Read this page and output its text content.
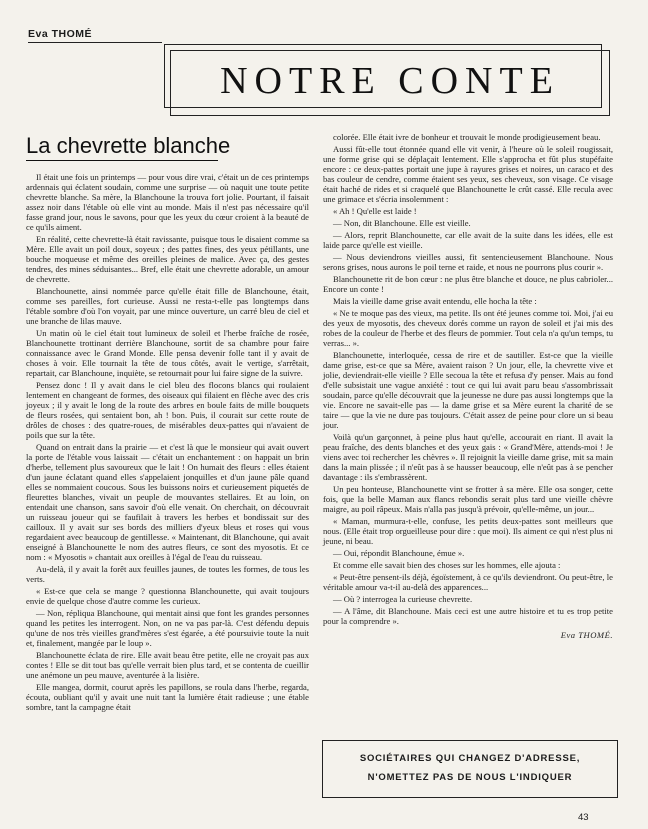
Eva THOMÉ
NOTRE CONTE
La chevrette blanche

Il était une fois un printemps — pour vous dire vrai, c'était un de ces printemps ardennais qui éclatent soudain, comme une surprise — où naquit une toute petite chevrette blanche. Sa mère, la Blanchoune la trouva fort jolie. Pourtant, il faisait assez noir dans l'étable où elle vint au monde. Mais il n'est pas nécessaire qu'il fasse grand jour, nous le savons, pour que les yeux du cœur croient à la beauté de ce qu'ils aiment.

En réalité, cette chevrette-là était ravissante, puisque tous le disaient comme sa Mère. Elle avait un poil doux, soyeux ; des pattes fines, des yeux pétillants, une bouche moqueuse et même des oreilles pleines de malice. Avec ça, des gestes tendres, des mines séduisantes... Bref, elle était une chevrette adorable, un amour de chevrette.

Blanchounette, ainsi nommée parce qu'elle était fille de Blanchoune, était, comme ses pareilles, fort curieuse. Aussi ne resta-t-elle pas longtemps dans l'étable sombre d'où l'on voyait, par une mince ouverture, un carré bleu de ciel et une branche de lilas mauve.

Un matin où le ciel était tout lumineux de soleil et l'herbe fraîche de rosée, Blanchounette trottinant derrière Blanchoune, sortit de sa chambre pour faire connaissance avec le Grand Monde. Elle pensa devenir folle tant il y avait de choses à voir. Elle tournait la tête de tous côtés, avait le vertige, s'arrêtait, repartait, car Blanchoune, inquiète, se retournait pour lui faire signe de la suivre.

Pensez donc ! Il y avait dans le ciel bleu des flocons blancs qui roulaient lentement en changeant de formes, des oiseaux qui filaient en flèche avec des cris joyeux ; il y avait le long de la route des arbres en boule faits de mille bouquets de fleurs rosées, qui sentaient bon, ah ! bon. Puis, il courait sur cette route de drôles de choses : des quatre-roues, de misérables deux-pattes qui n'avaient de poils que sur la tête.

Quand on entrait dans la prairie — et c'est là que le monsieur qui avait ouvert la porte de l'étable vous laissait — c'était un enchantement : on happait un brin d'herbe, tellement plus savoureux que le lait ! On humait des fleurs : elles étaient d'un jaune éclatant quand elles s'appelaient jonquilles et d'un jaune pâle quand elles se nommaient coucous. Sous les buissons noirs et curieusement piquetés de fleurettes blanches, vivait un peuple de mouvantes stellaires. Et au loin, on entendait une chanson, sans savoir d'où elle venait. On cherchait, on découvrait un ruisseau joueur qui se faufilait à travers les herbes et bondissait sur des cailloux. Il y avait sur ses bords des milliers d'yeux bleus et roses qui vous regardaient avec beaucoup de gentillesse. « Maintenant, dit Blanchoune, qui avait enseigné à Blanchounette le nom des autres fleurs, ce sont des myosotis. Et ce nom : « Myosotis » chantait aux oreilles à l'égal de l'eau du ruisseau.

Au-delà, il y avait la forêt aux feuilles jaunes, de toutes les formes, de tous les verts.

« Est-ce que cela se mange ? questionna Blanchounette, qui avait toujours envie de quelque chose d'autre comme les curieux.

— Non, répliqua Blanchoune, qui mentait ainsi que font les grandes personnes quand les petites les interrogent. Non, on ne va pas par-là. C'est défendu depuis qu'une de nos très vieilles grand'mères s'est égarée, a été poursuivie toute la nuit et, finalement, mangée par le loup ».

Blanchounette éclata de rire. Elle avait beau être petite, elle ne croyait pas aux contes ! Elle se dit tout bas qu'elle verrait bien plus tard, et se contenta de cueillir une anémone un peu mauve, aventurée à la lisière.

Elle mangea, dormit, courut après les papillons, se roula dans l'herbe, regarda, écouta, oubliant qu'il y avait une nuit tant la lumière était radieuse ; une étable sombre, tant la campagne était

colorée. Elle était ivre de bonheur et trouvait le monde prodigieusement beau.

Aussi fût-elle tout étonnée quand elle vit venir, à l'heure où le soleil rougissait, une forme grise qui se déplaçait lentement. Elle s'approcha et fût plus stupéfaite encore : ce deux-pattes portait une jupe à rayures grises et noires, un caraco et des bas couleur de cendre, comme étaient ses yeux, ses cheveux, son visage. Ce visage était haché de rides et si craquelé que Blanchounette le crût cassé. Elle recula avec une grimace et s'écria insolemment :

« Ah ! Qu'elle est laide !

— Non, dit Blanchoune. Elle est vieille.

— Alors, reprit Blanchounette, car elle avait de la suite dans les idées, elle est laide parce qu'elle est vieille.

— Nous deviendrons vieilles aussi, fit sentencieusement Blanchoune. Nous serons grises, nous aurons le poil terne et raide, et nous ne pourrons plus courir ».

Blanchounette rit de bon cœur : ne plus être blanche et douce, ne plus cabrioler... Encore un conte !

Mais la vieille dame grise avait entendu, elle hocha la tête :

« Ne te moque pas des vieux, ma petite. Ils ont été jeunes comme toi. Moi, j'ai eu des yeux de myosotis, des cheveux dorés comme un rayon de soleil et j'ai mis des robes de la couleur de l'herbe et des fleurs de pommier. Tout cela n'a qu'un temps, tu verras... ».

Blanchounette, interloquée, cessa de rire et de sautiller. Est-ce que la vieille dame grise, est-ce que sa Mère, avaient raison ? Un jour, elle, la chevrette vive et jolie, deviendrait-elle vieille ? Elle secoua la tête et refusa d'y penser. Mais au fond d'elle subsistait une vague anxiété : tout ce qui lui avait paru beau s'assombrissait soudain, parce qu'elle découvrait que la jeunesse ne dure pas aussi longtemps que la vie. Encore ne savait-elle pas — la dame grise et sa Mère eurent la charité de se taire — que la vie ne dure pas toujours. C'était assez de peine pour clore un si beau jour.

Voilà qu'un garçonnet, à peine plus haut qu'elle, accourait en riant. Il avait la peau fraîche, des dents blanches et des yeux gais : « Grand'Mère, attends-moi ! Je viens avec toi rechercher les chèvres ». Il rejoignit la vieille dame grise, mit sa main dans la main plissée ; il n'eût pas à se hausser beaucoup, elle n'eût pas à se pencher davantage : ils s'embrassèrent.

Un peu honteuse, Blanchounette vint se frotter à sa mère. Elle osa songer, cette fois, que la belle Maman aux flancs rebondis serait plus tard une vieille chèvre maigre, au poil râpeux. Mais n'alla pas jusqu'à prévoir, qu'elle-même, un jour...

« Maman, murmura-t-elle, confuse, les petits deux-pattes sont meilleurs que nous. (Elle était trop orgueilleuse pour dire : que moi). Ils aiment ce qui n'est plus ni jeune, ni beau.

— Oui, répondit Blanchoune, émue ».

Et comme elle savait bien des choses sur les hommes, elle ajouta :

« Peut-être pensent-ils déjà, égoïstement, à ce qu'ils deviendront. Ou peut-être, le véritable amour va-t-il au-delà des apparences...

— Où ? interrogea la curieuse chevrette.

— A l'âme, dit Blanchoune. Mais ceci est une autre histoire et tu es trop petite pour la comprendre ».

Eva THOMÉ.

SOCIÉTAIRES QUI CHANGEZ D'ADRESSE,
N'OMETTEZ PAS DE NOUS L'INDIQUER
43
